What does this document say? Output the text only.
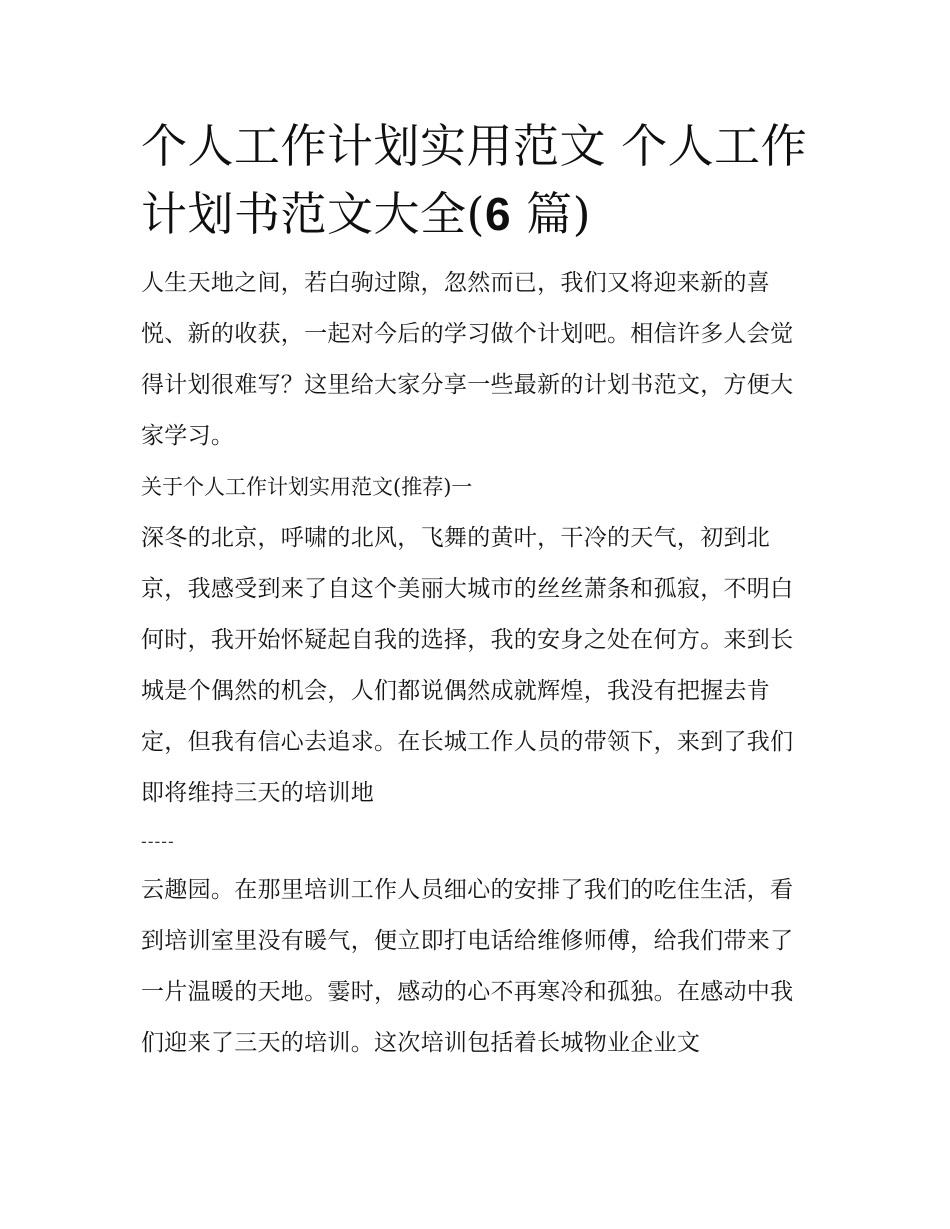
个人工作计划实用范文 个人工作计划书范文大全(6 篇)

人生天地之间，若白驹过隙，忽然而已，我们又将迎来新的喜悦、新的收获，一起对今后的学习做个计划吧。相信许多人会觉得计划很难写？这里给大家分享一些最新的计划书范文，方便大家学习。

关于个人工作计划实用范文(推荐)一

深冬的北京，呼啸的北风，飞舞的黄叶，干冷的天气，初到北京，我感受到来了自这个美丽大城市的丝丝萧条和孤寂，不明白何时，我开始怀疑起自我的选择，我的安身之处在何方。来到长城是个偶然的机会，人们都说偶然成就辉煌，我没有把握去肯定，但我有信心去追求。在长城工作人员的带领下，来到了我们即将维持三天的培训地

-----

云趣园。在那里培训工作人员细心的安排了我们的吃住生活，看到培训室里没有暖气，便立即打电话给维修师傅，给我们带来了一片温暖的天地。霎时，感动的心不再寒冷和孤独。在感动中我们迎来了三天的培训。这次培训包括着长城物业企业文
